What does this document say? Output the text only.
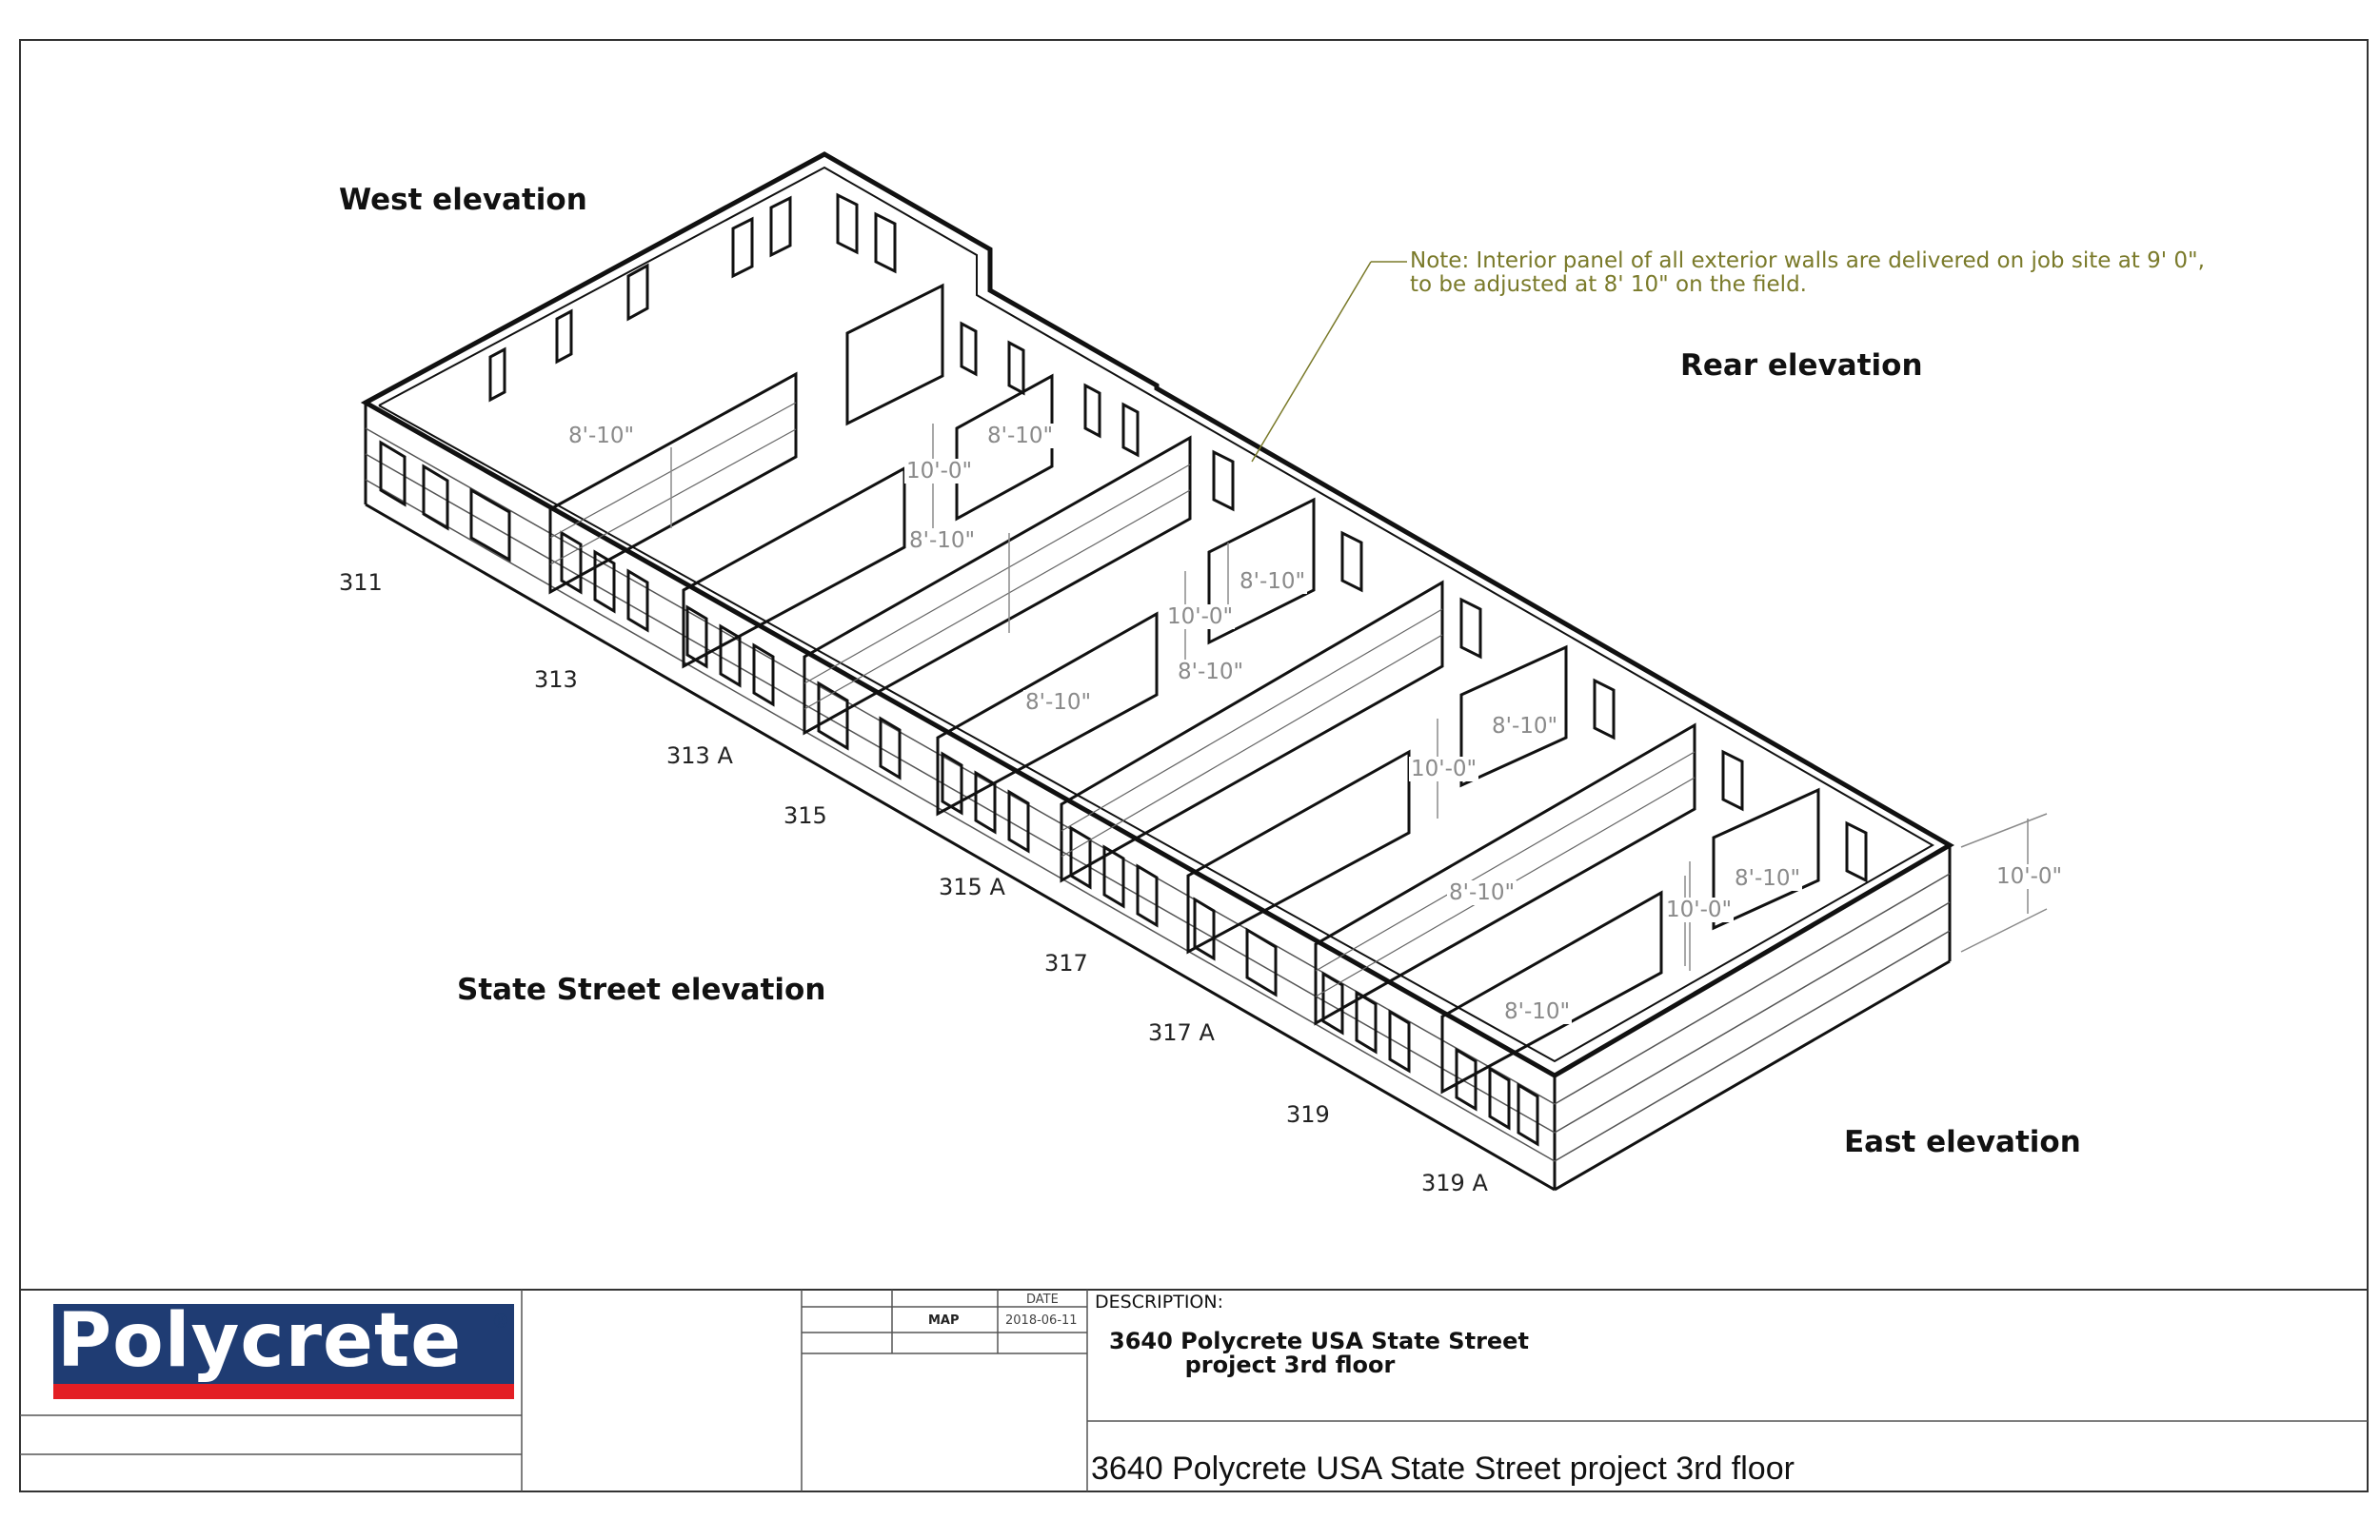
West elevation
Rear elevation
State Street elevation
East elevation
Note: Interior panel of all exterior walls are delivered on job site at 9' 0",
to be adjusted at 8' 10" on the field.
311
313
313 A
315
315 A
317
317 A
319
319 A
8'-10"
10'-0"
8'-10"
8'-10"
10'-0"
8'-10"
8'-10"
8'-10"
10'-0"
8'-10"
8'-10"
10'-0"
8'-10"
8'-10"
10'-0"
Polycrete ®
DATE
MAP	2018-06-11
DESCRIPTION:
3640 Polycrete USA State Street
project 3rd floor
3640 Polycrete USA State Street project 3rd floor
